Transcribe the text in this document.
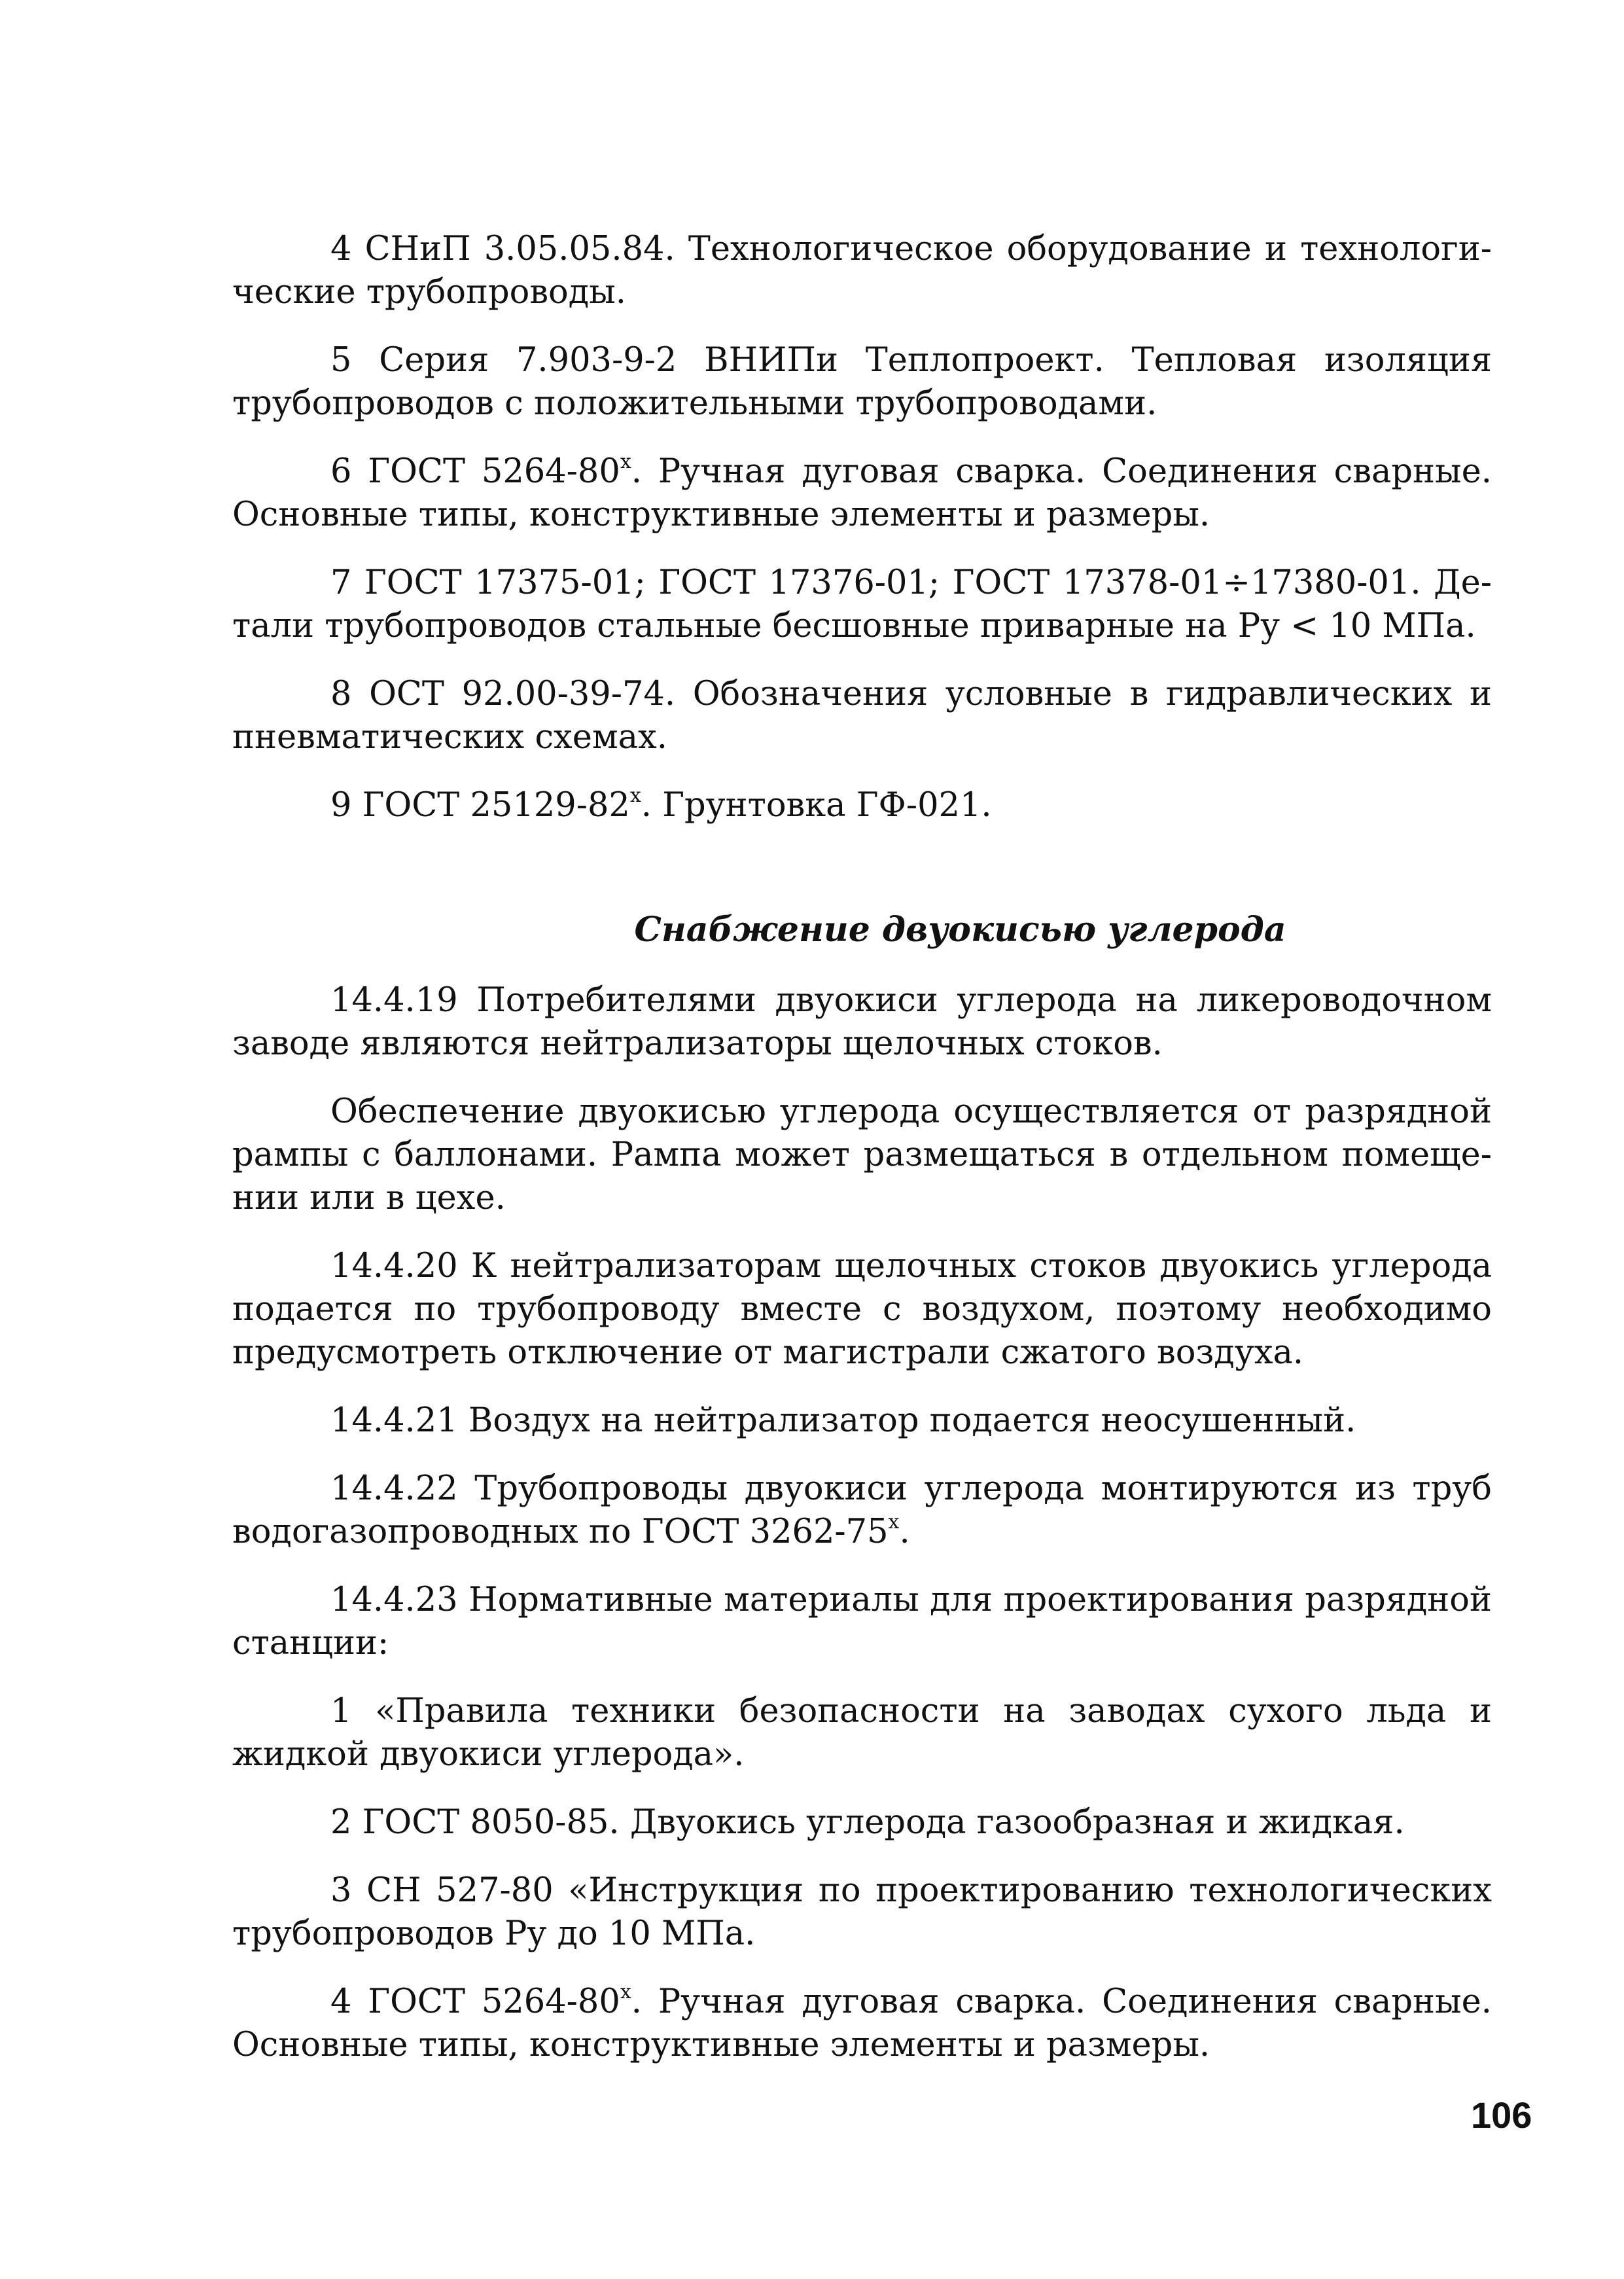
4 СНиП 3.05.05.84. Технологическое оборудование и технологические трубопроводы.

5 Серия 7.903-9-2 ВНИПи Теплопроект. Тепловая изоляция трубопроводов с положительными трубопроводами.

6 ГОСТ 5264-80$^x$. Ручная дуговая сварка. Соединения сварные. Основные типы, конструктивные элементы и размеры.

7 ГОСТ 17375-01; ГОСТ 17376-01; ГОСТ 17378-01÷17380-01. Детали трубопроводов стальные бесшовные приварные на Ру < 10 МПа.

8 ОСТ 92.00-39-74. Обозначения условные в гидравлических и пневматических схемах.

9 ГОСТ 25129-82$^x$. Грунтовка ГФ-021.

Снабжение двуокисью углерода

14.4.19 Потребителями двуокиси углерода на ликероводочном заводе являются нейтрализаторы щелочных стоков.

Обеспечение двуокисью углерода осуществляется от разрядной рампы с баллонами. Рампа может размещаться в отдельном помещении или в цехе.

14.4.20 К нейтрализаторам щелочных стоков двуокись углерода подается по трубопроводу вместе с воздухом, поэтому необходимо предусмотреть отключение от магистрали сжатого воздуха.

14.4.21 Воздух на нейтрализатор подается неосушенный.

14.4.22 Трубопроводы двуокиси углерода монтируются из труб водогазопроводных по ГОСТ 3262-75$^x$.

14.4.23 Нормативные материалы для проектирования разрядной станции:

1 «Правила техники безопасности на заводах сухого льда и жидкой двуокиси углерода».

2 ГОСТ 8050-85. Двуокись углерода газообразная и жидкая.

3 СН 527-80 «Инструкция по проектированию технологических трубопроводов Ру до 10 МПа.

4 ГОСТ 5264-80$^x$. Ручная дуговая сварка. Соединения сварные. Основные типы, конструктивные элементы и размеры.

106
